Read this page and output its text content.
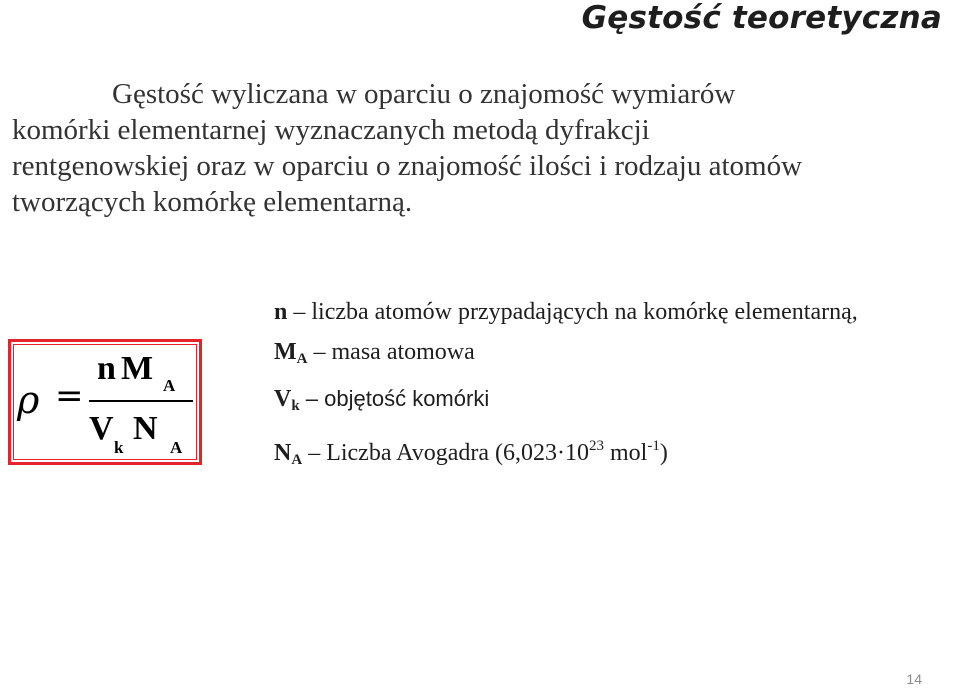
Gęstość teoretyczna
Gęstość wyliczana w oparciu o znajomość wymiarów
komórki elementarnej wyznaczanych metodą dyfrakcji
rentgenowskiej oraz w oparciu o znajomość ilości i rodzaju atomów
tworzących komórkę elementarną.
ρ =
n M A
V
k
N
A
n – liczba atomów przypadających na komórkę elementarną,
$M_A$ – masa atomowa
$V_k$ – objętość komórki
$N_A$ – Liczba Avogadra ($6,023\cdot 10^{23}$ mol$^{-1}$)
14
